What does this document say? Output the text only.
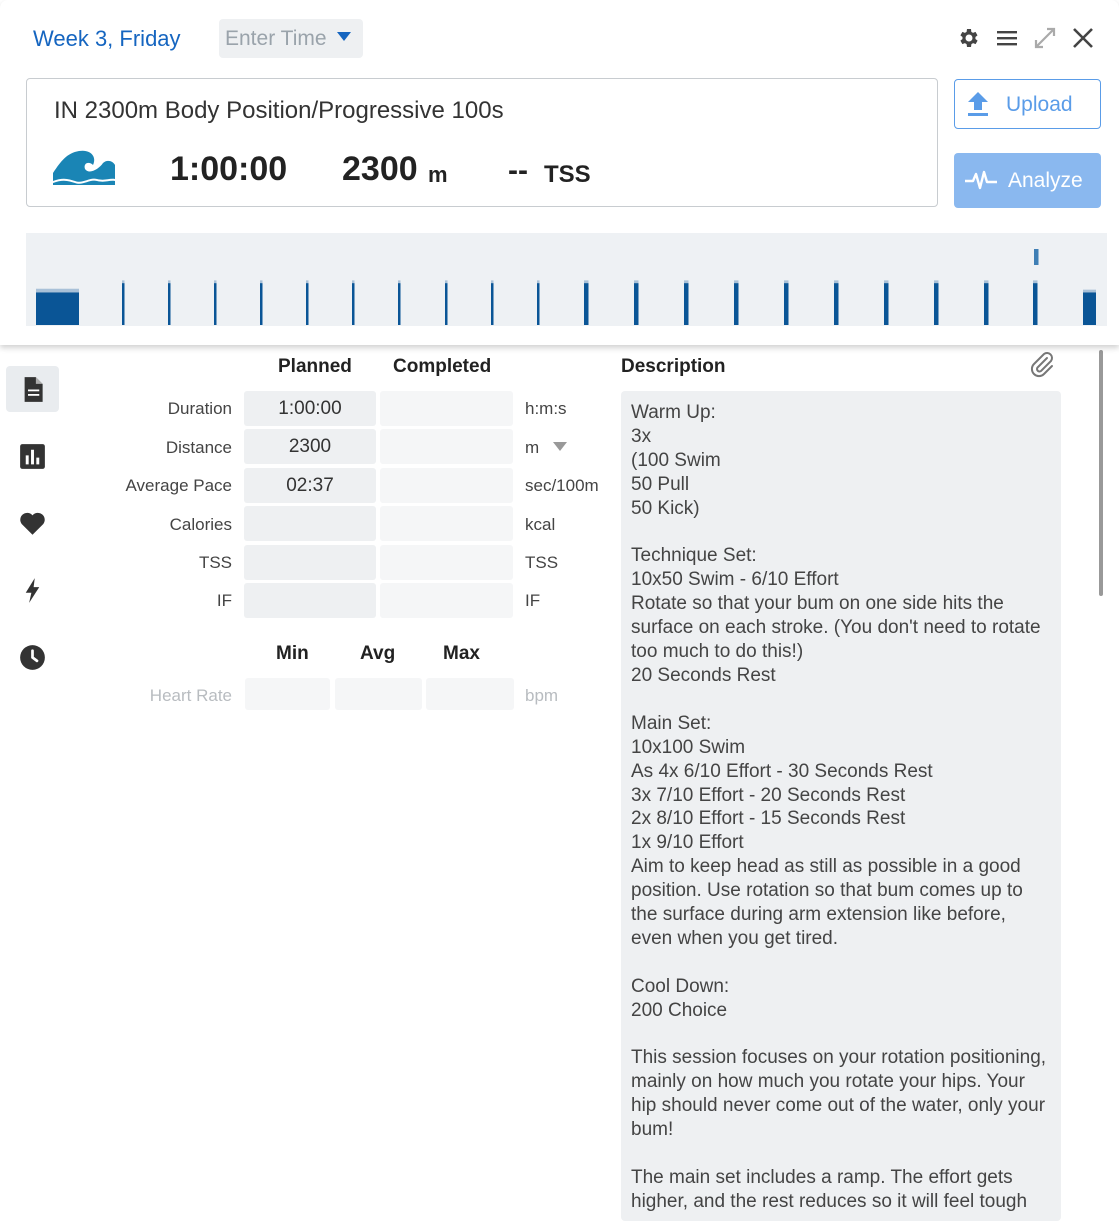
Week 3, Friday Enter Time
IN 2300m Body Position/Progressive 100s
1:00:00 2300 m -- TSS
Upload
Analyze
Planned Completed
Duration	1:00:00	h:m:s
Distance	2300	m
Average Pace	02:37	sec/100m
Calories	kcal
TSS	TSS
IF	IF
Min	Avg	Max
Heart Rate	bpm
Description
Warm Up:
3x
(100 Swim
50 Pull
50 Kick)

Technique Set:
10x50 Swim - 6/10 Effort
Rotate so that your bum on one side hits the surface on each stroke. (You don't need to rotate too much to do this!)
20 Seconds Rest

Main Set:
10x100 Swim
As 4x 6/10 Effort - 30 Seconds Rest
3x 7/10 Effort - 20 Seconds Rest
2x 8/10 Effort - 15 Seconds Rest
1x 9/10 Effort
Aim to keep head as still as possible in a good position. Use rotation so that bum comes up to the surface during arm extension like before, even when you get tired.

Cool Down:
200 Choice

This session focuses on your rotation positioning, mainly on how much you rotate your hips. Your hip should never come out of the water, only your bum!

The main set includes a ramp. The effort gets higher, and the rest reduces so it will feel tough
